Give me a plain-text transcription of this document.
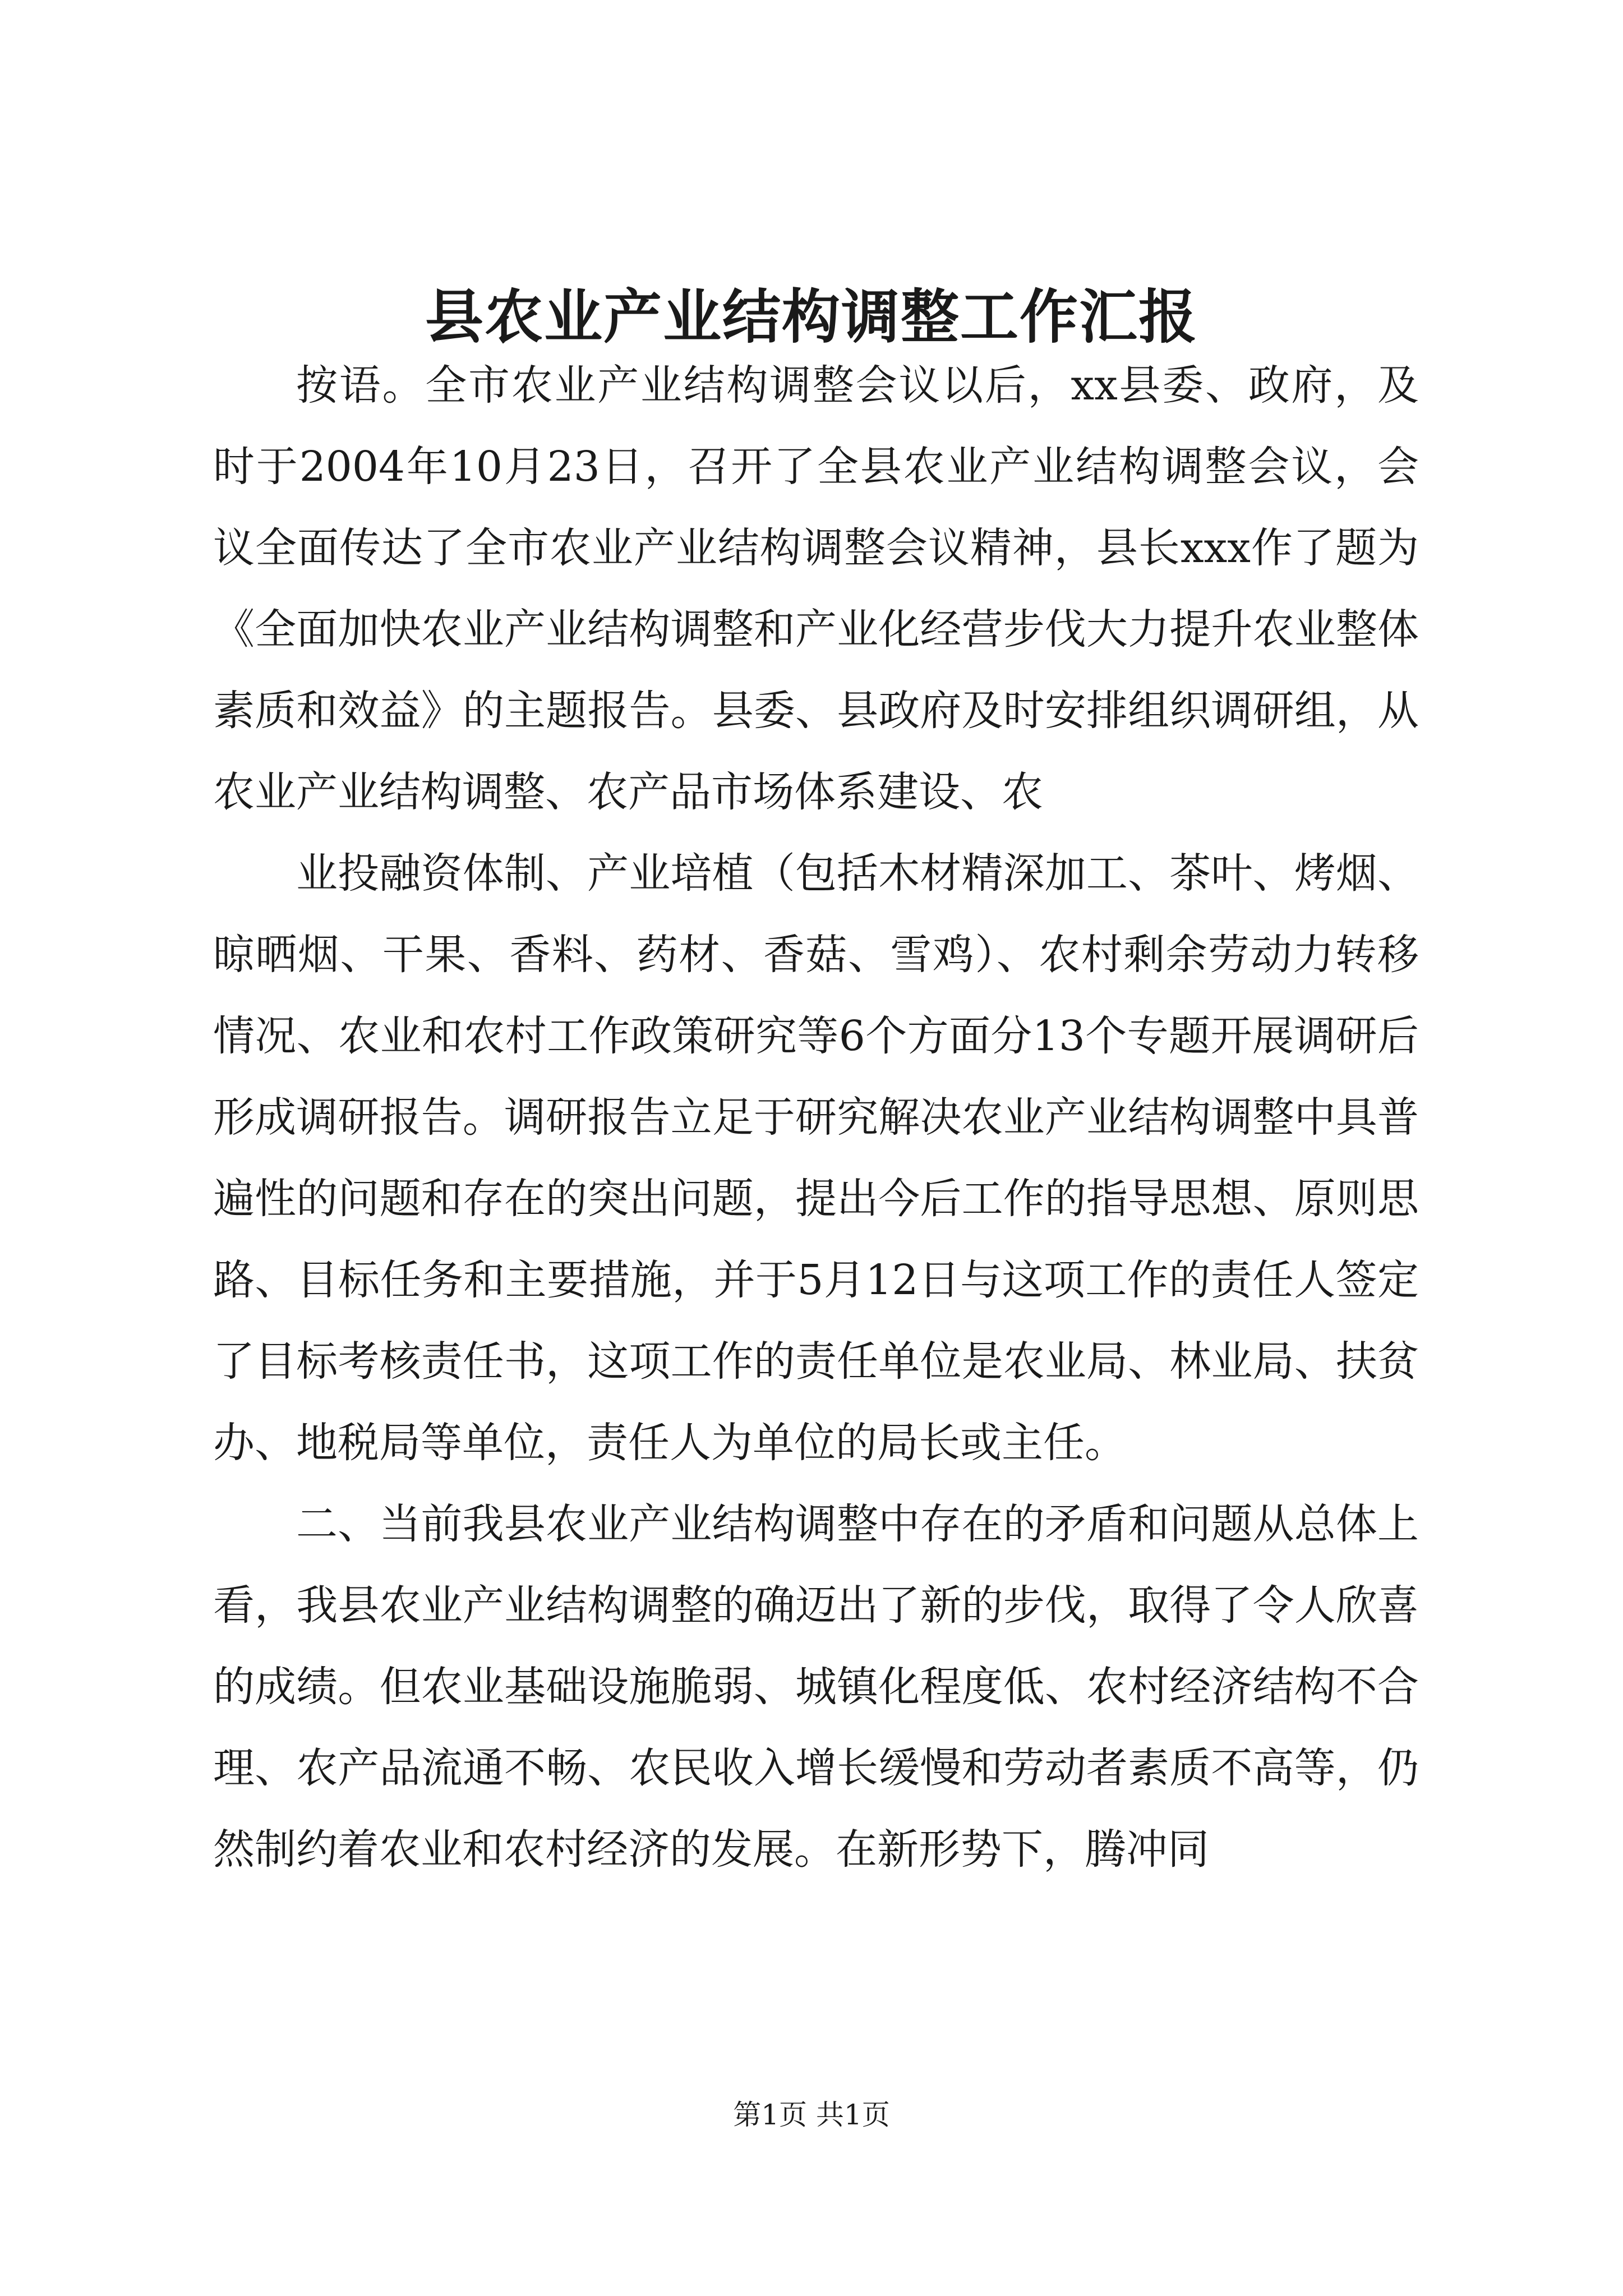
县农业产业结构调整工作汇报

按语。全市农业产业结构调整会议以后，xx县委、政府，及时于2004年10月23日，召开了全县农业产业结构调整会议，会议全面传达了全市农业产业结构调整会议精神，县长xxx作了题为《全面加快农业产业结构调整和产业化经营步伐大力提升农业整体素质和效益》的主题报告。县委、县政府及时安排组织调研组，从农业产业结构调整、农产品市场体系建设、农

业投融资体制、产业培植（包括木材精深加工、茶叶、烤烟、晾晒烟、干果、香料、药材、香菇、雪鸡）、农村剩余劳动力转移情况、农业和农村工作政策研究等6个方面分13个专题开展调研后形成调研报告。调研报告立足于研究解决农业产业结构调整中具普遍性的问题和存在的突出问题，提出今后工作的指导思想、原则思路、目标任务和主要措施，并于5月12日与这项工作的责任人签定了目标考核责任书，这项工作的责任单位是农业局、林业局、扶贫办、地税局等单位，责任人为单位的局长或主任。

二、当前我县农业产业结构调整中存在的矛盾和问题从总体上看，我县农业产业结构调整的确迈出了新的步伐，取得了令人欣喜的成绩。但农业基础设施脆弱、城镇化程度低、农村经济结构不合理、农产品流通不畅、农民收入增长缓慢和劳动者素质不高等，仍然制约着农业和农村经济的发展。在新形势下，腾冲同

第1页 共1页
